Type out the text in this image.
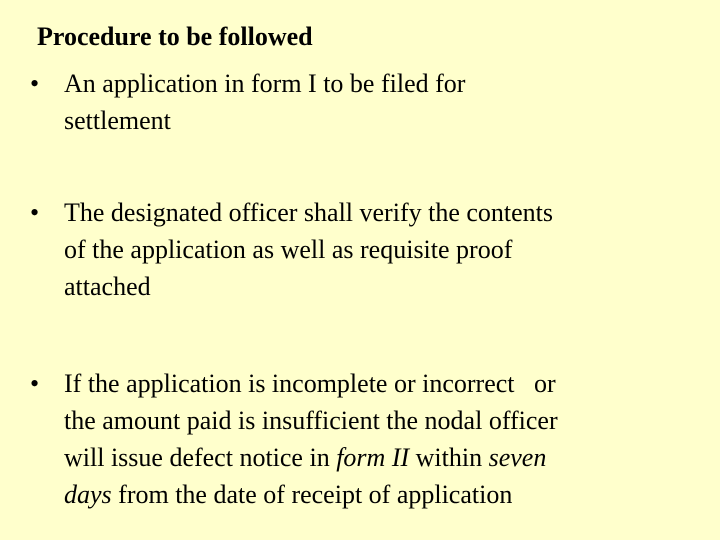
Procedure to be followed
• An application in form I to be filed for
settlement
• The designated officer shall verify the contents
of the application as well as requisite proof
attached
• If the application is incomplete or incorrect   or
the amount paid is insufficient the nodal officer
will issue defect notice in form II within seven
days from the date of receipt of application
